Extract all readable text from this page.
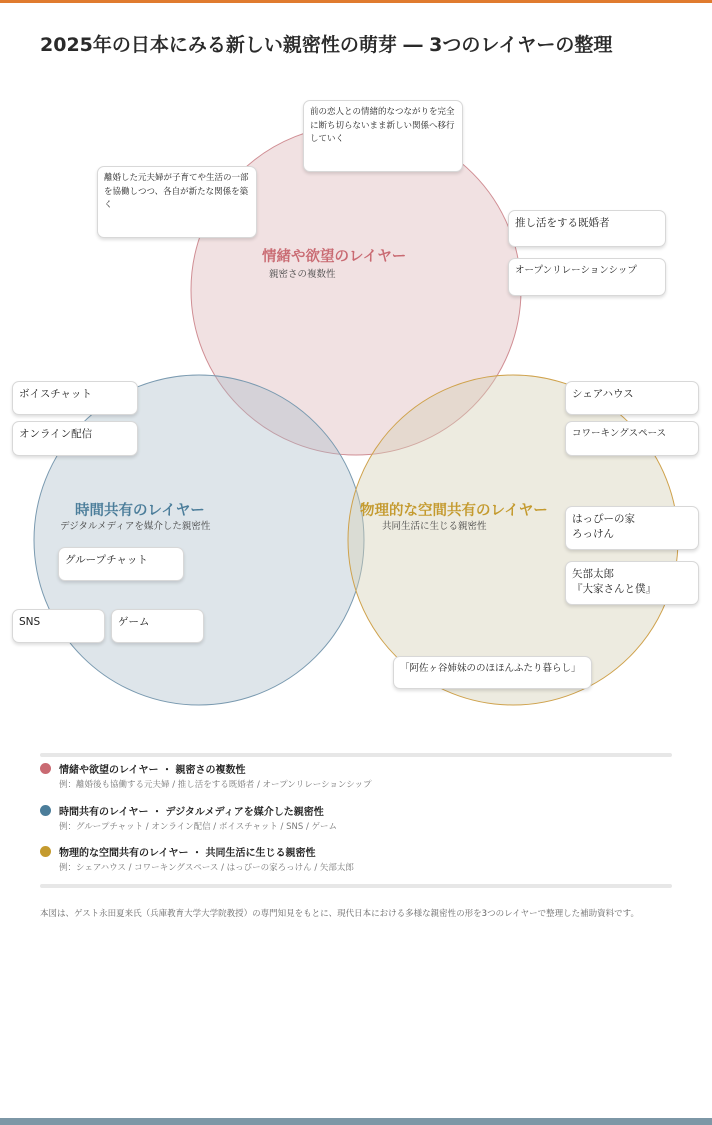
2025年の日本にみる新しい親密性の萌芽 ― 3つのレイヤーの整理
情緒や欲望のレイヤー
親密さの複数性
時間共有のレイヤー
デジタルメディアを媒介した親密性
物理的な空間共有のレイヤー
共同生活に生じる親密性
前の恋人との情緒的なつながりを完全に断ち切らないまま新しい関係へ移行していく
離婚した元夫婦が子育てや生活の一部を協働しつつ、各自が新たな関係を築く
推し活をする既婚者
オープンリレーションシップ
ボイスチャット
オンライン配信
グループチャット
SNS	ゲーム
シェアハウス
コワーキングスペース
はっぴーの家
ろっけん
矢部太郎
『大家さんと僕』
「阿佐ヶ谷姉妹ののほほんふたり暮らし」
情緒や欲望のレイヤー ・ 親密さの複数性
例：離婚後も協働する元夫婦 / 推し活をする既婚者 / オープンリレーションシップ
時間共有のレイヤー ・ デジタルメディアを媒介した親密性
例：グループチャット / オンライン配信 / ボイスチャット / SNS / ゲーム
物理的な空間共有のレイヤー ・ 共同生活に生じる親密性
例：シェアハウス / コワーキングスペース / はっぴーの家ろっけん / 矢部太郎
本図は、ゲスト永田夏来氏（兵庫教育大学大学院教授）の専門知見をもとに、現代日本における多様な親密性の形を3つのレイヤーで整理した補助資料です。
